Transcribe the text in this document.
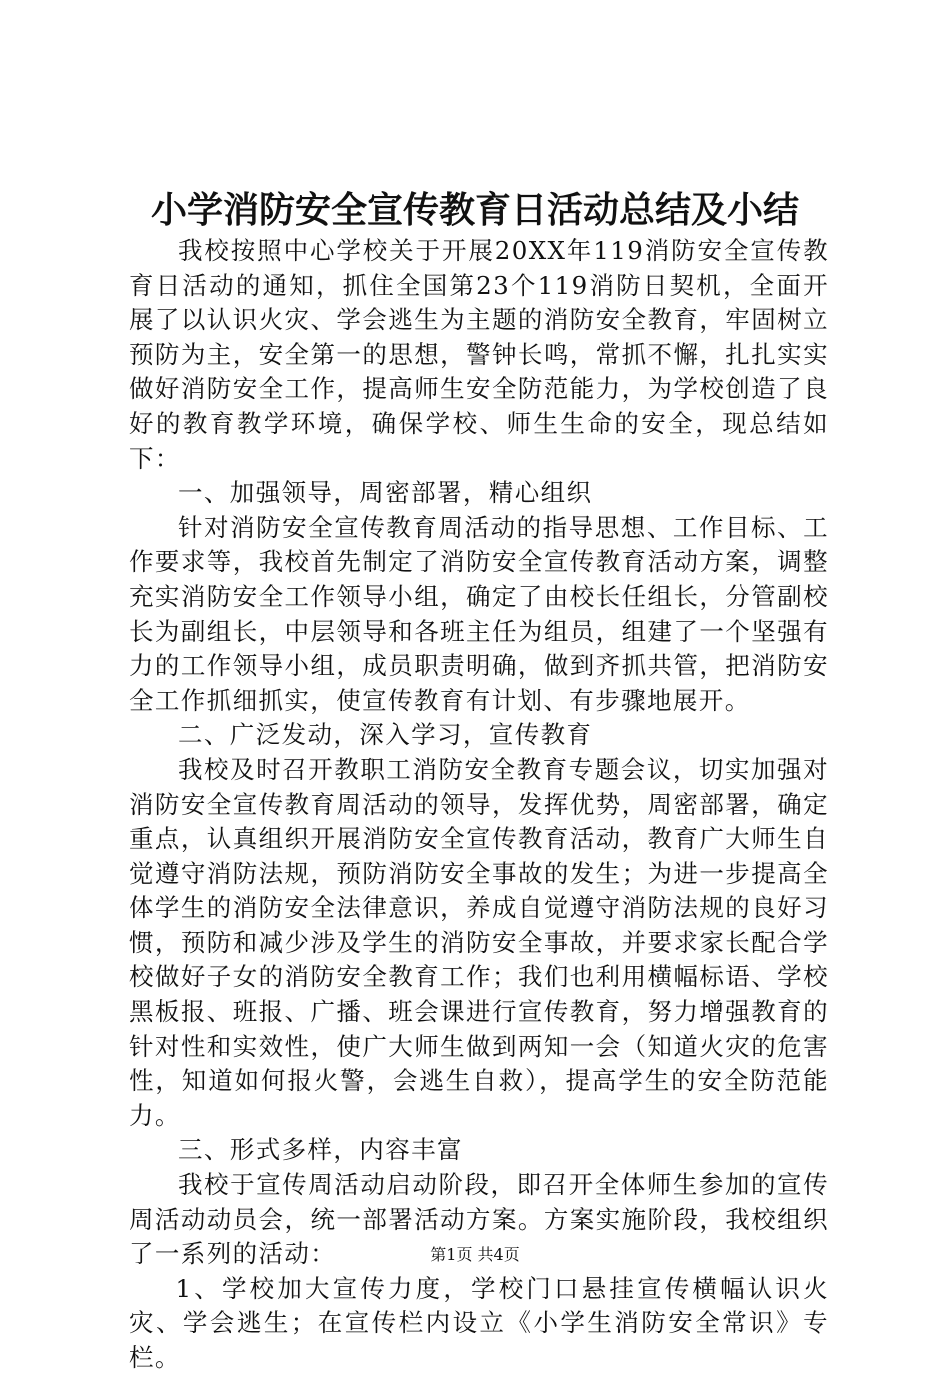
小学消防安全宣传教育日活动总结及小结

我校按照中心学校关于开展20XX年119消防安全宣传教育日活动的通知，抓住全国第23个119消防日契机，全面开展了以认识火灾、学会逃生为主题的消防安全教育，牢固树立预防为主，安全第一的思想，警钟长鸣，常抓不懈，扎扎实实做好消防安全工作，提高师生安全防范能力，为学校创造了良好的教育教学环境，确保学校、师生生命的安全，现总结如下：

一、加强领导，周密部署，精心组织

针对消防安全宣传教育周活动的指导思想、工作目标、工作要求等，我校首先制定了消防安全宣传教育活动方案，调整充实消防安全工作领导小组，确定了由校长任组长，分管副校长为副组长，中层领导和各班主任为组员，组建了一个坚强有力的工作领导小组，成员职责明确，做到齐抓共管，把消防安全工作抓细抓实，使宣传教育有计划、有步骤地展开。

二、广泛发动，深入学习，宣传教育

我校及时召开教职工消防安全教育专题会议，切实加强对消防安全宣传教育周活动的领导，发挥优势，周密部署，确定重点，认真组织开展消防安全宣传教育活动，教育广大师生自觉遵守消防法规，预防消防安全事故的发生；为进一步提高全体学生的消防安全法律意识，养成自觉遵守消防法规的良好习惯，预防和减少涉及学生的消防安全事故，并要求家长配合学校做好子女的消防安全教育工作；我们也利用横幅标语、学校黑板报、班报、广播、班会课进行宣传教育，努力增强教育的针对性和实效性，使广大师生做到两知一会（知道火灾的危害性，知道如何报火警，会逃生自救），提高学生的安全防范能力。

三、形式多样，内容丰富

我校于宣传周活动启动阶段，即召开全体师生参加的宣传周活动动员会，统一部署活动方案。方案实施阶段，我校组织了一系列的活动：

1、学校加大宣传力度，学校门口悬挂宣传横幅认识火灾、学会逃生；在宣传栏内设立《小学生消防安全常识》专栏。

第1页 共4页
